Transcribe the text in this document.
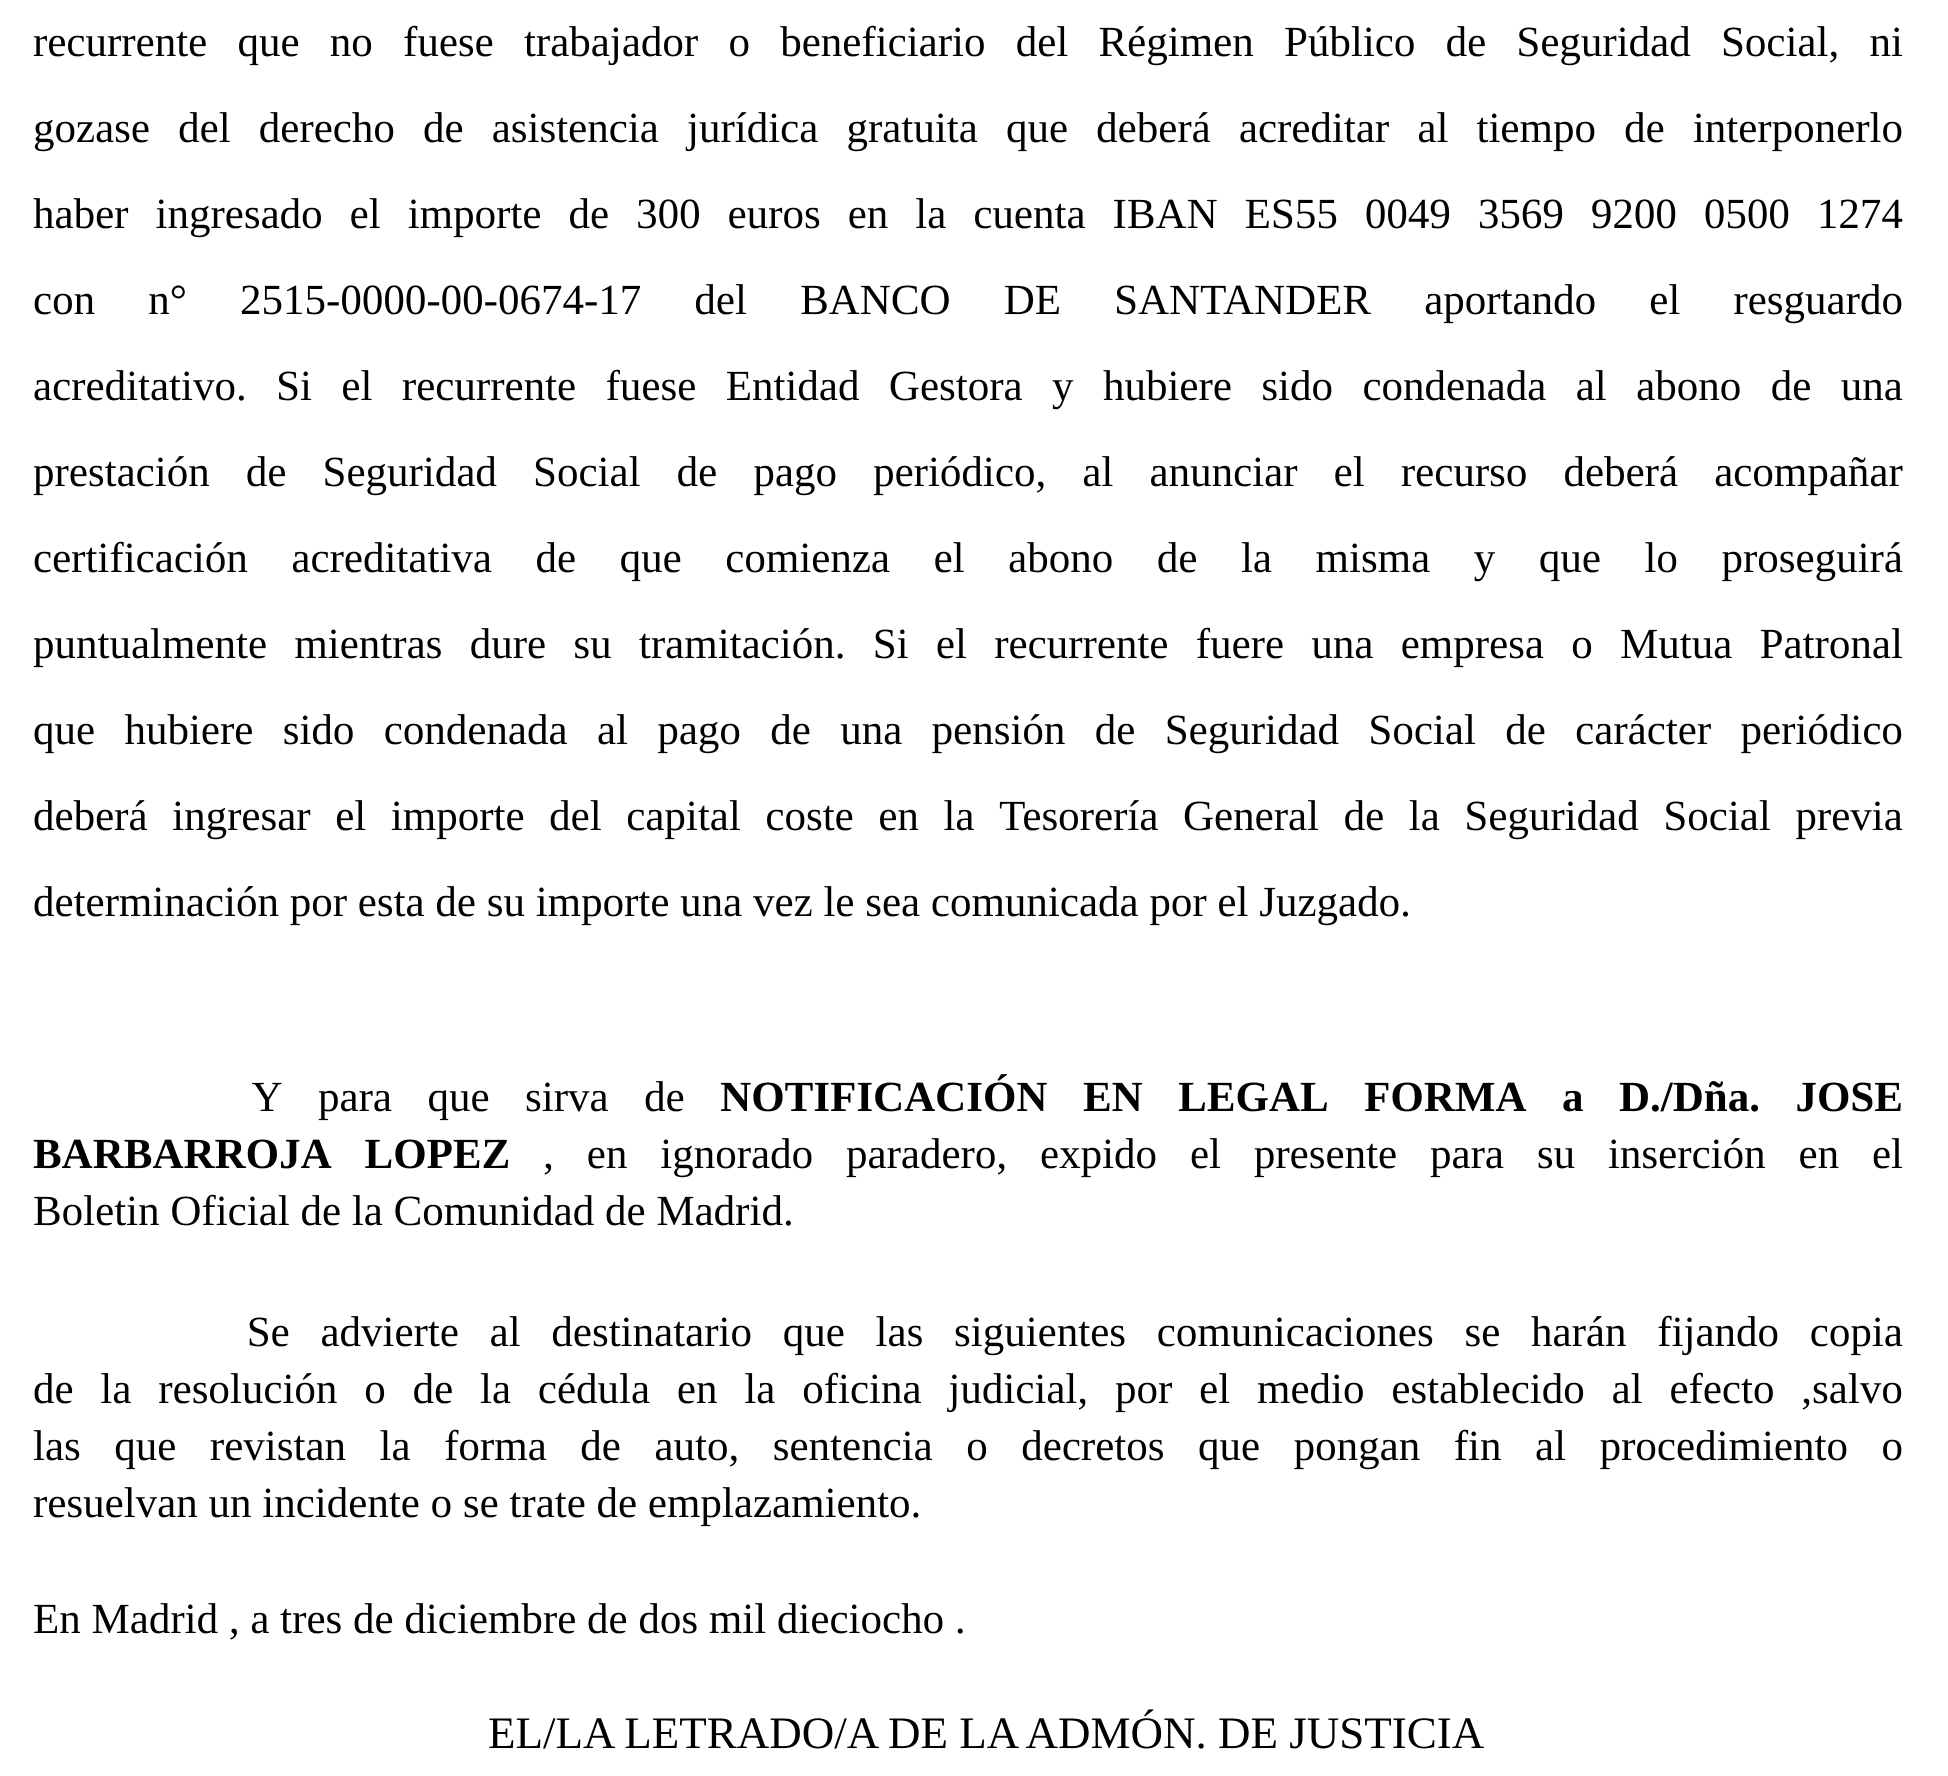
recurrente que no fuese trabajador o beneficiario del Régimen Público de Seguridad Social, ni
gozase del derecho de asistencia jurídica gratuita que deberá acreditar al tiempo de interponerlo
haber ingresado el importe de 300 euros en la cuenta IBAN ES55 0049 3569 9200 0500 1274
con n° 2515-0000-00-0674-17 del BANCO DE SANTANDER aportando el resguardo
acreditativo. Si el recurrente fuese Entidad Gestora y hubiere sido condenada al abono de una
prestación de Seguridad Social de pago periódico, al anunciar el recurso deberá acompañar
certificación acreditativa de que comienza el abono de la misma y que lo proseguirá
puntualmente mientras dure su tramitación. Si el recurrente fuere una empresa o Mutua Patronal
que hubiere sido condenada al pago de una pensión de Seguridad Social de carácter periódico
deberá ingresar el importe del capital coste en la Tesorería General de la Seguridad Social previa
determinación por esta de su importe una vez le sea comunicada por el Juzgado.
Y para que sirva de NOTIFICACIÓN EN LEGAL FORMA a D./Dña. JOSE
BARBARROJA LOPEZ , en ignorado paradero, expido el presente para su inserción en el
Boletin Oficial de la Comunidad de Madrid.
Se advierte al destinatario que las siguientes comunicaciones se harán fijando copia
de la resolución o de la cédula en la oficina judicial, por el medio establecido al efecto ,salvo
las que revistan la forma de auto, sentencia o decretos que pongan fin al procedimiento o
resuelvan un incidente o se trate de emplazamiento.
En Madrid , a tres de diciembre de dos mil dieciocho .
EL/LA LETRADO/A DE LA ADMÓN. DE JUSTICIA
